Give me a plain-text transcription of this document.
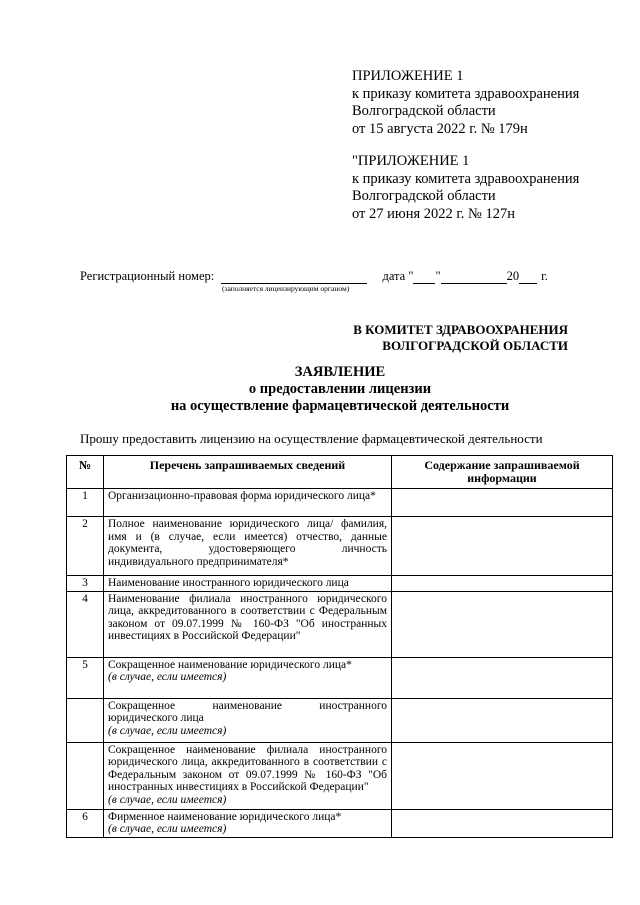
ПРИЛОЖЕНИЕ 1
к приказу комитета здравоохранения
Волгоградской области
от 15 августа 2022 г. № 179н
"ПРИЛОЖЕНИЕ 1
к приказу комитета здравоохранения
Волгоградской области
от 27 июня 2022 г. № 127н
Регистрационный номер:	дата " "	20 г.
(заполняется лицензирующим органом)
В КОМИТЕТ ЗДРАВООХРАНЕНИЯ
ВОЛГОГРАДСКОЙ ОБЛАСТИ
ЗАЯВЛЕНИЕ
о предоставлении лицензии
на осуществление фармацевтической деятельности
Прошу предоставить лицензию на осуществление фармацевтической деятельности
№	Перечень запрашиваемых сведений	Содержание запрашиваемой информации
1	Организационно-правовая форма юридического лица*	

2	Полное наименование юридического лица/ фамилия, имя и (в случае, если имеется) отчество, данные документа, удостоверяющего личность индивидуального предпринимателя*	

3	Наименование иностранного юридического лица	

4	Наименование филиала иностранного юридического лица, аккредитованного в соответствии с Федеральным законом от 09.07.1999 № 160-ФЗ "Об иностранных инвестициях в Российской Федерации"	

5	Сокращенное наименование юридического лица*
(в случае, если имеется)	

	Сокращенное наименование иностранного юридического лица
(в случае, если имеется)	

	Сокращенное наименование филиала иностранного юридического лица, аккредитованного в соответствии с Федеральным законом от 09.07.1999 № 160-ФЗ "Об иностранных инвестициях в Российской Федерации"
(в случае, если имеется)	

6	Фирменное наименование юридического лица*
(в случае, если имеется)	
